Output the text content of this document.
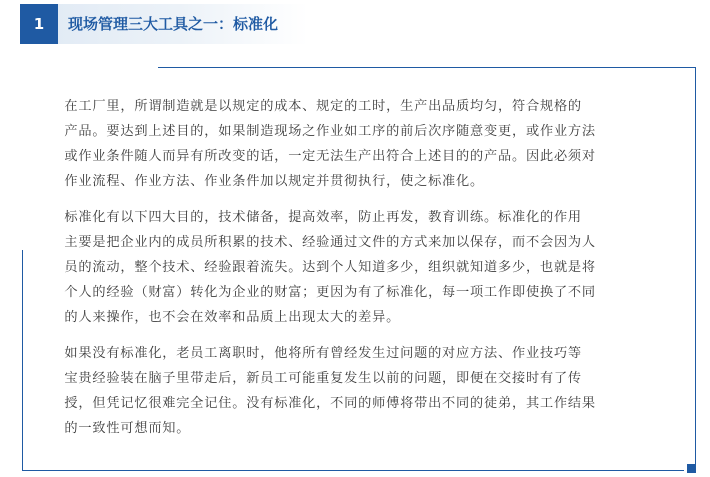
1	现场管理三大工具之一：标准化

在工厂里，所谓制造就是以规定的成本、规定的工时，生产出品质均匀，符合规格的
产品。要达到上述目的，如果制造现场之作业如工序的前后次序随意变更，或作业方法
或作业条件随人而异有所改变的话，一定无法生产出符合上述目的的产品。因此必须对
作业流程、作业方法、作业条件加以规定并贯彻执行，使之标准化。

标准化有以下四大目的，技术储备，提高效率，防止再发，教育训练。标准化的作用
主要是把企业内的成员所积累的技术、经验通过文件的方式来加以保存，而不会因为人
员的流动，整个技术、经验跟着流失。达到个人知道多少，组织就知道多少，也就是将
个人的经验（财富）转化为企业的财富；更因为有了标准化，每一项工作即使换了不同
的人来操作，也不会在效率和品质上出现太大的差异。

如果没有标准化，老员工离职时，他将所有曾经发生过问题的对应方法、作业技巧等
宝贵经验装在脑子里带走后，新员工可能重复发生以前的问题，即便在交接时有了传
授，但凭记忆很难完全记住。没有标准化，不同的师傅将带出不同的徒弟，其工作结果
的一致性可想而知。
